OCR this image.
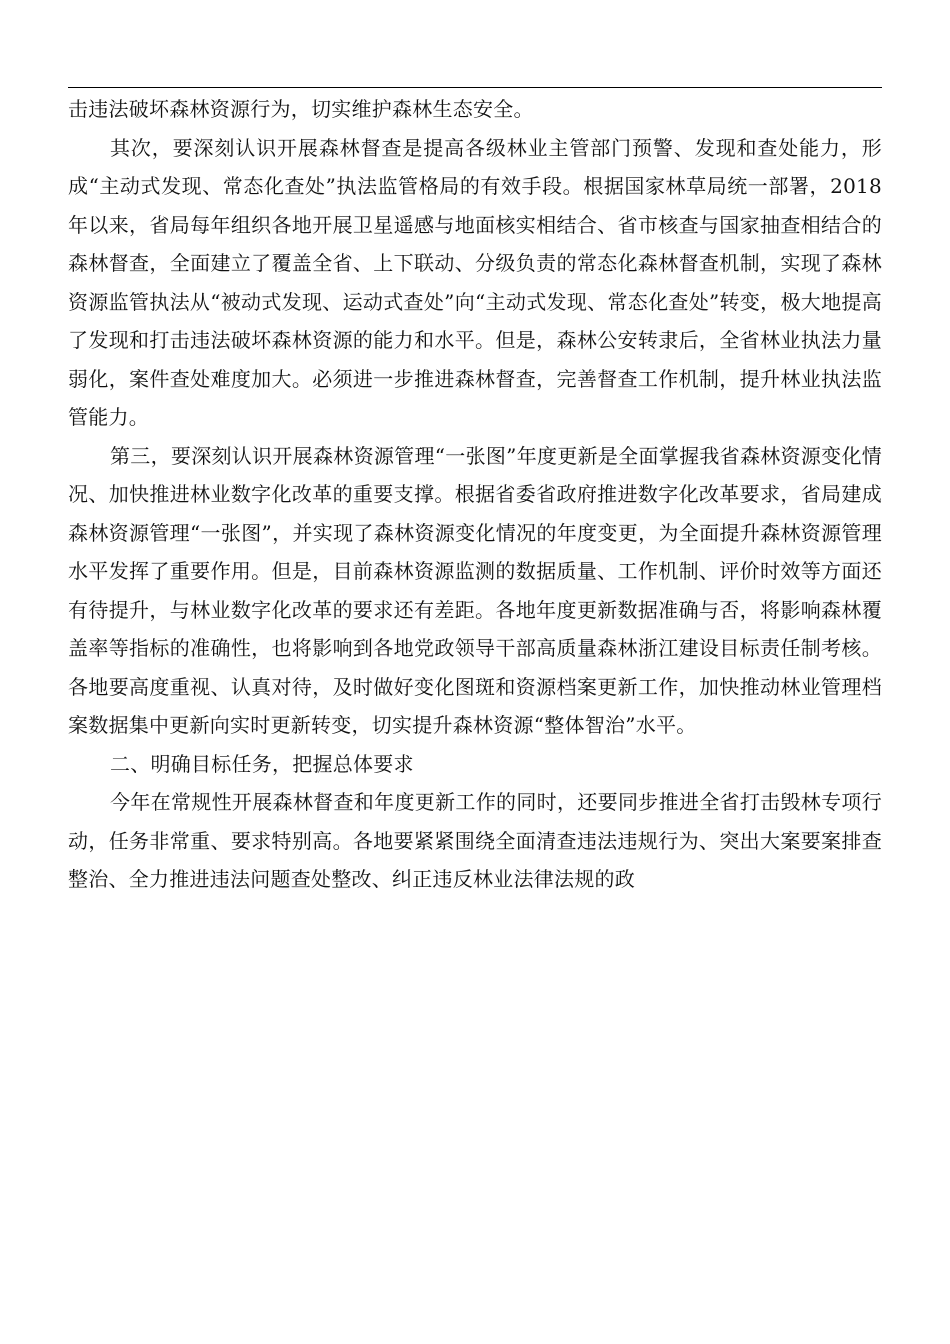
击违法破坏森林资源行为，切实维护森林生态安全。

其次，要深刻认识开展森林督查是提高各级林业主管部门预警、发现和查处能力，形成“主动式发现、常态化查处”执法监管格局的有效手段。根据国家林草局统一部署，2018年以来，省局每年组织各地开展卫星遥感与地面核实相结合、省市核查与国家抽查相结合的森林督查，全面建立了覆盖全省、上下联动、分级负责的常态化森林督查机制，实现了森林资源监管执法从“被动式发现、运动式查处”向“主动式发现、常态化查处”转变，极大地提高了发现和打击违法破坏森林资源的能力和水平。但是，森林公安转隶后，全省林业执法力量弱化，案件查处难度加大。必须进一步推进森林督查，完善督查工作机制，提升林业执法监管能力。

第三，要深刻认识开展森林资源管理“一张图”年度更新是全面掌握我省森林资源变化情况、加快推进林业数字化改革的重要支撑。根据省委省政府推进数字化改革要求，省局建成森林资源管理“一张图”，并实现了森林资源变化情况的年度变更，为全面提升森林资源管理水平发挥了重要作用。但是，目前森林资源监测的数据质量、工作机制、评价时效等方面还有待提升，与林业数字化改革的要求还有差距。各地年度更新数据准确与否，将影响森林覆盖率等指标的准确性，也将影响到各地党政领导干部高质量森林浙江建设目标责任制考核。各地要高度重视、认真对待，及时做好变化图斑和资源档案更新工作，加快推动林业管理档案数据集中更新向实时更新转变，切实提升森林资源“整体智治”水平。

二、明确目标任务，把握总体要求

今年在常规性开展森林督查和年度更新工作的同时，还要同步推进全省打击毁林专项行动，任务非常重、要求特别高。各地要紧紧围绕全面清查违法违规行为、突出大案要案排查整治、全力推进违法问题查处整改、纠正违反林业法律法规的政
